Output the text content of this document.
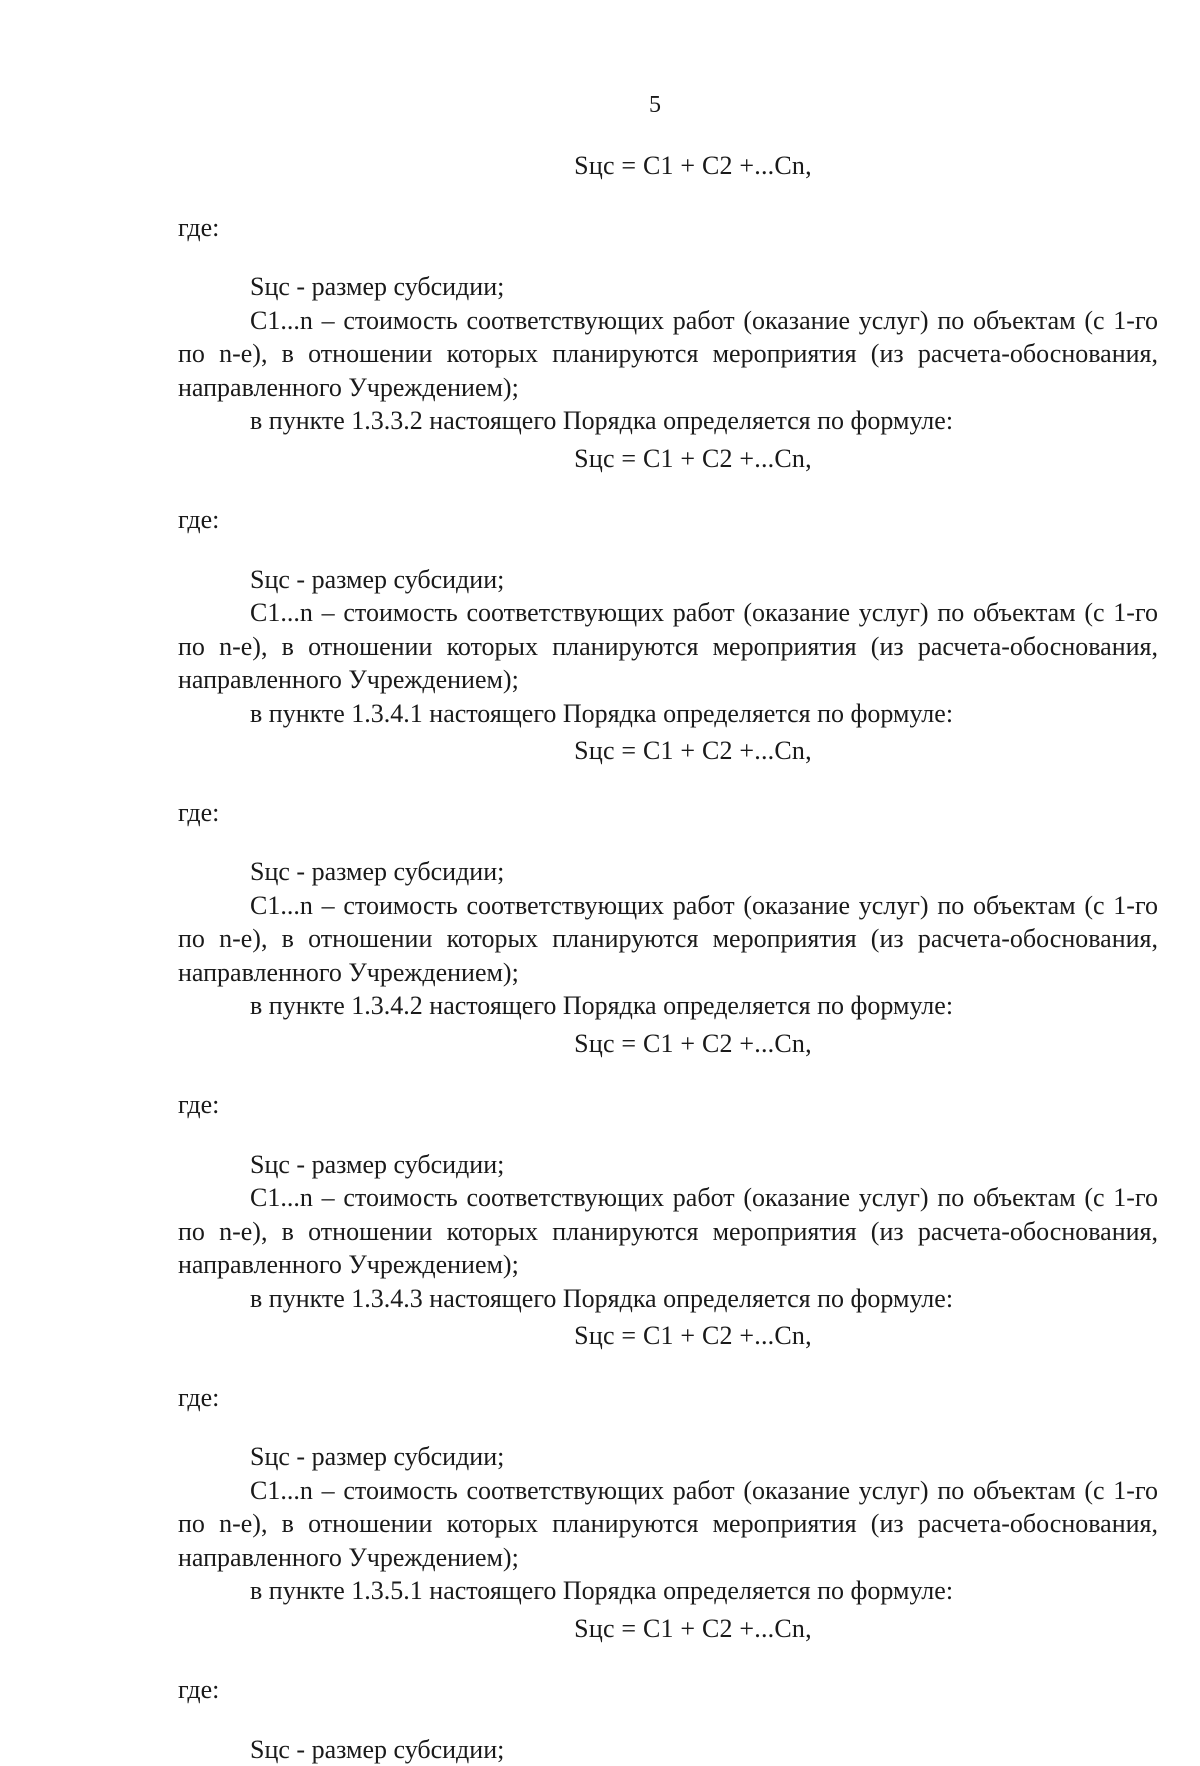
5
Sцс = C1 + C2 +...Cn,
где:
Sцс - размер субсидии;
C1...n – стоимость соответствующих работ (оказание услуг) по объектам (с 1-го по n-е), в отношении которых планируются мероприятия (из расчета-обоснования, направленного Учреждением);
в пункте 1.3.3.2 настоящего Порядка определяется по формуле:
Sцс = C1 + C2 +...Cn,
где:
Sцс - размер субсидии;
C1...n – стоимость соответствующих работ (оказание услуг) по объектам (с 1-го по n-е), в отношении которых планируются мероприятия (из расчета-обоснования, направленного Учреждением);
в пункте 1.3.4.1 настоящего Порядка определяется по формуле:
Sцс = C1 + C2 +...Cn,
где:
Sцс - размер субсидии;
C1...n – стоимость соответствующих работ (оказание услуг) по объектам (с 1-го по n-е), в отношении которых планируются мероприятия (из расчета-обоснования, направленного Учреждением);
в пункте 1.3.4.2 настоящего Порядка определяется по формуле:
Sцс = C1 + C2 +...Cn,
где:
Sцс - размер субсидии;
C1...n – стоимость соответствующих работ (оказание услуг) по объектам (с 1-го по n-е), в отношении которых планируются мероприятия (из расчета-обоснования, направленного Учреждением);
в пункте 1.3.4.3 настоящего Порядка определяется по формуле:
Sцс = C1 + C2 +...Cn,
где:
Sцс - размер субсидии;
C1...n – стоимость соответствующих работ (оказание услуг) по объектам (с 1-го по n-е), в отношении которых планируются мероприятия (из расчета-обоснования, направленного Учреждением);
в пункте 1.3.5.1 настоящего Порядка определяется по формуле:
Sцс = C1 + C2 +...Cn,
где:
Sцс - размер субсидии;
